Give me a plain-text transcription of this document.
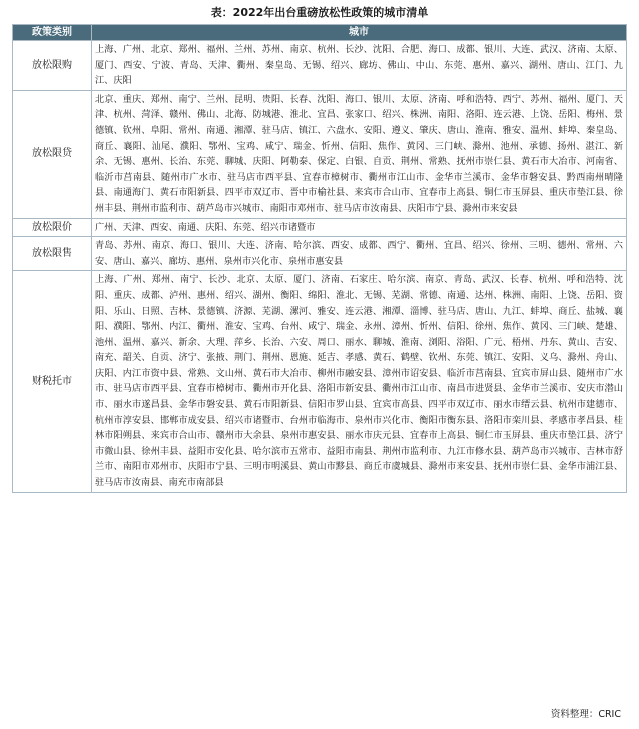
表：2022年出台重磅放松性政策的城市清单
政策类别	城市
放松限购	上海、广州、北京、郑州、福州、兰州、苏州、南京、杭州、长沙、沈阳、合肥、海口、成都、银川、大连、武汉、济南、太原、厦门、西安、宁波、青岛、天津、衢州、秦皇岛、无锡、绍兴、廊坊、佛山、中山、东莞、惠州、嘉兴、湖州、唐山、江门、九江、庆阳
放松限贷	北京、重庆、郑州、南宁、兰州、昆明、贵阳、长春、沈阳、海口、银川、太原、济南、呼和浩特、西宁、苏州、福州、厦门、天津、杭州、菏泽、赣州、佛山、北海、防城港、淮北、宜昌、张家口、绍兴、株洲、南阳、洛阳、连云港、上饶、岳阳、梅州、景德镇、钦州、阜阳、常州、南通、湘潭、驻马店、镇江、六盘水、安阳、遵义、肇庆、唐山、淮南、雅安、温州、蚌埠、秦皇岛、商丘、襄阳、汕尾、濮阳、鄂州、宝鸡、咸宁、瑞金、忻州、信阳、焦作、黄冈、三门峡、滁州、池州、承德、扬州、湛江、新余、无锡、惠州、长治、东莞、聊城、庆阳、阿勒泰、保定、白银、自贡、荆州、常熟、抚州市崇仁县、黄石市大冶市、河南省、临沂市莒南县、随州市广水市、驻马店市西平县、宜春市樟树市、衢州市江山市、金华市兰溪市、金华市磐安县、黔西南州晴隆县、南通海门、黄石市阳新县、四平市双辽市、晋中市榆社县、来宾市合山市、宜春市上高县、铜仁市玉屏县、重庆市垫江县、徐州丰县、荆州市监利市、葫芦岛市兴城市、南阳市邓州市、驻马店市汝南县、庆阳市宁县、滁州市来安县
放松限价	广州、天津、西安、南通、庆阳、东莞、绍兴市诸暨市
放松限售	青岛、苏州、南京、海口、银川、大连、济南、哈尔滨、西安、成都、西宁、衢州、宜昌、绍兴、徐州、三明、德州、常州、六安、唐山、嘉兴、廊坊、惠州、泉州市兴化市、泉州市惠安县
财税托市	上海、广州、郑州、南宁、长沙、北京、太原、厦门、济南、石家庄、哈尔滨、南京、青岛、武汉、长春、杭州、呼和浩特、沈阳、重庆、成都、泸州、惠州、绍兴、湖州、衡阳、绵阳、淮北、无锡、芜湖、常德、南通、达州、株洲、南阳、上饶、岳阳、资阳、乐山、日照、吉林、景德镇、济源、芜湖、漯河、雅安、连云港、湘潭、淄博、驻马店、唐山、九江、蚌埠、商丘、盐城、襄阳、濮阳、鄂州、内江、衢州、淮安、宝鸡、台州、咸宁、瑞金、永州、漳州、忻州、信阳、徐州、焦作、黄冈、三门峡、楚雄、池州、温州、嘉兴、新余、大理、萍乡、长治、六安、周口、丽水、聊城、淮南、浏阳、浴阳、广元、梧州、丹东、黄山、吉安、南充、韶关、自贡、济宁、张掖、荆门、荆州、恩施、延吉、孝感、黄石、鹤壁、钦州、东莞、镇江、安阳、义乌、滁州、舟山、庆阳、内江市资中县、常熟、文山州、黄石市大冶市、柳州市融安县、漳州市诏安县、临沂市莒南县、宜宾市屏山县、随州市广水市、驻马店市西平县、宜春市樟树市、衢州市开化县、洛阳市新安县、衢州市江山市、南昌市进贤县、金华市兰溪市、安庆市潜山市、丽水市遂昌县、金华市磐安县、黄石市阳新县、信阳市罗山县、宜宾市高县、四平市双辽市、丽水市缙云县、杭州市建德市、杭州市淳安县、邯郸市成安县、绍兴市诸暨市、台州市临海市、泉州市兴化市、衡阳市衡东县、洛阳市栾川县、孝感市孝昌县、桂林市阳朔县、来宾市合山市、赣州市大余县、泉州市惠安县、丽水市庆元县、宜春市上高县、铜仁市玉屏县、重庆市垫江县、济宁市微山县、徐州丰县、益阳市安化县、哈尔滨市五常市、益阳市南县、荆州市监利市、九江市修水县、葫芦岛市兴城市、吉林市舒兰市、南阳市邓州市、庆阳市宁县、三明市明溪县、黄山市黟县、商丘市虞城县、滁州市来安县、抚州市崇仁县、金华市浦江县、驻马店市汝南县、南充市南部县
资料整理：CRIC
